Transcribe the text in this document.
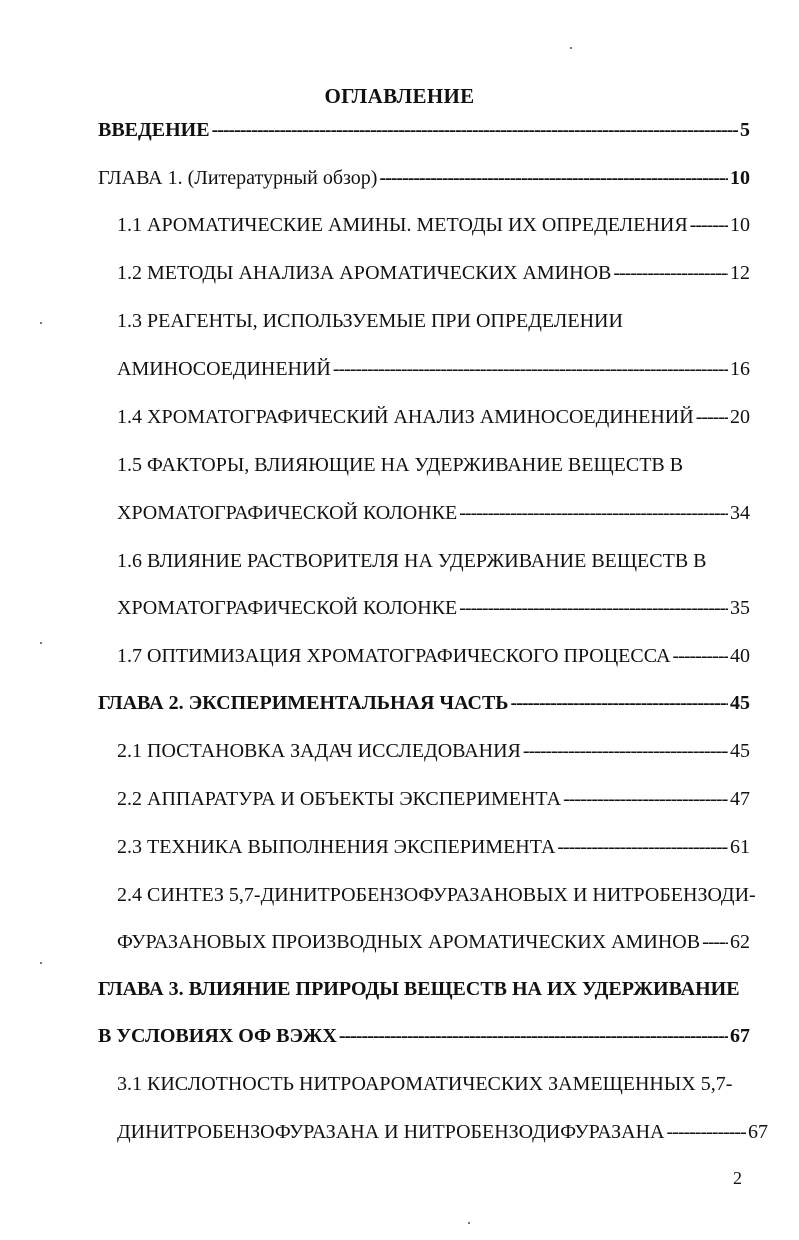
ОГЛАВЛЕНИЕ
ВВЕДЕНИЕ -----	5
ГЛАВА 1. (Литературный обзор) -----	10
1.1 АРОМАТИЧЕСКИЕ АМИНЫ. МЕТОДЫ ИХ ОПРЕДЕЛЕНИЯ ----- 10
1.2 МЕТОДЫ АНАЛИЗА АРОМАТИЧЕСКИХ АМИНОВ -----	12
1.3 РЕАГЕНТЫ, ИСПОЛЬЗУЕМЫЕ ПРИ ОПРЕДЕЛЕНИИ
АМИНОСОЕДИНЕНИЙ -----	16
1.4 ХРОМАТОГРАФИЧЕСКИЙ АНАЛИЗ АМИНОСОЕДИНЕНИЙ ----- 20
1.5 ФАКТОРЫ, ВЛИЯЮЩИЕ НА УДЕРЖИВАНИЕ ВЕЩЕСТВ В
ХРОМАТОГРАФИЧЕСКОЙ КОЛОНКЕ -----	34
1.6 ВЛИЯНИЕ РАСТВОРИТЕЛЯ НА УДЕРЖИВАНИЕ ВЕЩЕСТВ В
ХРОМАТОГРАФИЧЕСКОЙ КОЛОНКЕ -----	35
1.7 ОПТИМИЗАЦИЯ ХРОМАТОГРАФИЧЕСКОГО ПРОЦЕССА -----	40
ГЛАВА 2. ЭКСПЕРИМЕНТАЛЬНАЯ ЧАСТЬ -----	45
2.1 ПОСТАНОВКА ЗАДАЧ ИССЛЕДОВАНИЯ -----	45
2.2 АППАРАТУРА И ОБЪЕКТЫ ЭКСПЕРИМЕНТА -----	47
2.3 ТЕХНИКА ВЫПОЛНЕНИЯ ЭКСПЕРИМЕНТА -----	61
2.4 СИНТЕЗ 5,7-ДИНИТРОБЕНЗОФУРАЗАНОВЫХ И НИТРОБЕНЗОДИ-
ФУРАЗАНОВЫХ ПРОИЗВОДНЫХ АРОМАТИЧЕСКИХ АМИНОВ ----- 62
ГЛАВА 3. ВЛИЯНИЕ ПРИРОДЫ ВЕЩЕСТВ НА ИХ УДЕРЖИВАНИЕ
В УСЛОВИЯХ ОФ ВЭЖХ -----	67
3.1 КИСЛОТНОСТЬ НИТРОАРОМАТИЧЕСКИХ ЗАМЕЩЕННЫХ 5,7-
ДИНИТРОБЕНЗОФУРАЗАНА И НИТРОБЕНЗОДИФУРАЗАНА -----	67
2
